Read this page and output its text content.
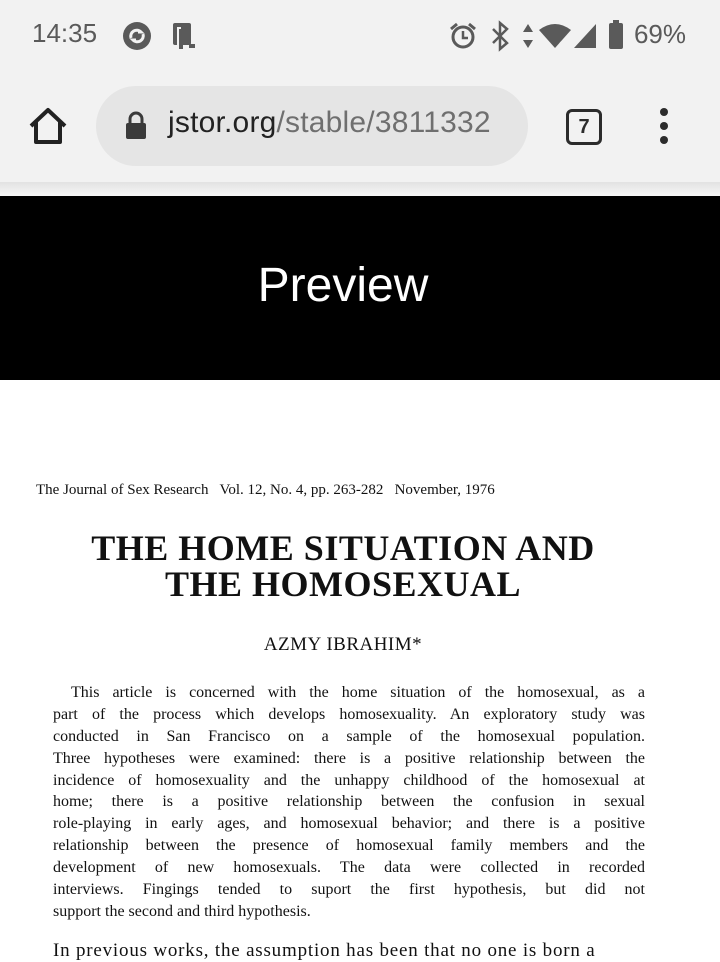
14:35	4	69%
jstor.org/stable/3811332	7
Preview
The Journal of Sex Research Vol. 12, No. 4, pp. 263-282 November, 1976
THE HOME SITUATION AND
THE HOMOSEXUAL
AZMY IBRAHIM*
This article is concerned with the home situation of the homosexual, as a
part of the process which develops homosexuality. An exploratory study was
conducted in San Francisco on a sample of the homosexual population.
Three hypotheses were examined: there is a positive relationship between the
incidence of homosexuality and the unhappy childhood of the homosexual at
home; there is a positive relationship between the confusion in sexual
role-playing in early ages, and homosexual behavior; and there is a positive
relationship between the presence of homosexual family members and the
development of new homosexuals. The data were collected in recorded
interviews. Fingings tended to suport the first hypothesis, but did not
support the second and third hypothesis.
In previous works, the assumption has been that no one is born a
